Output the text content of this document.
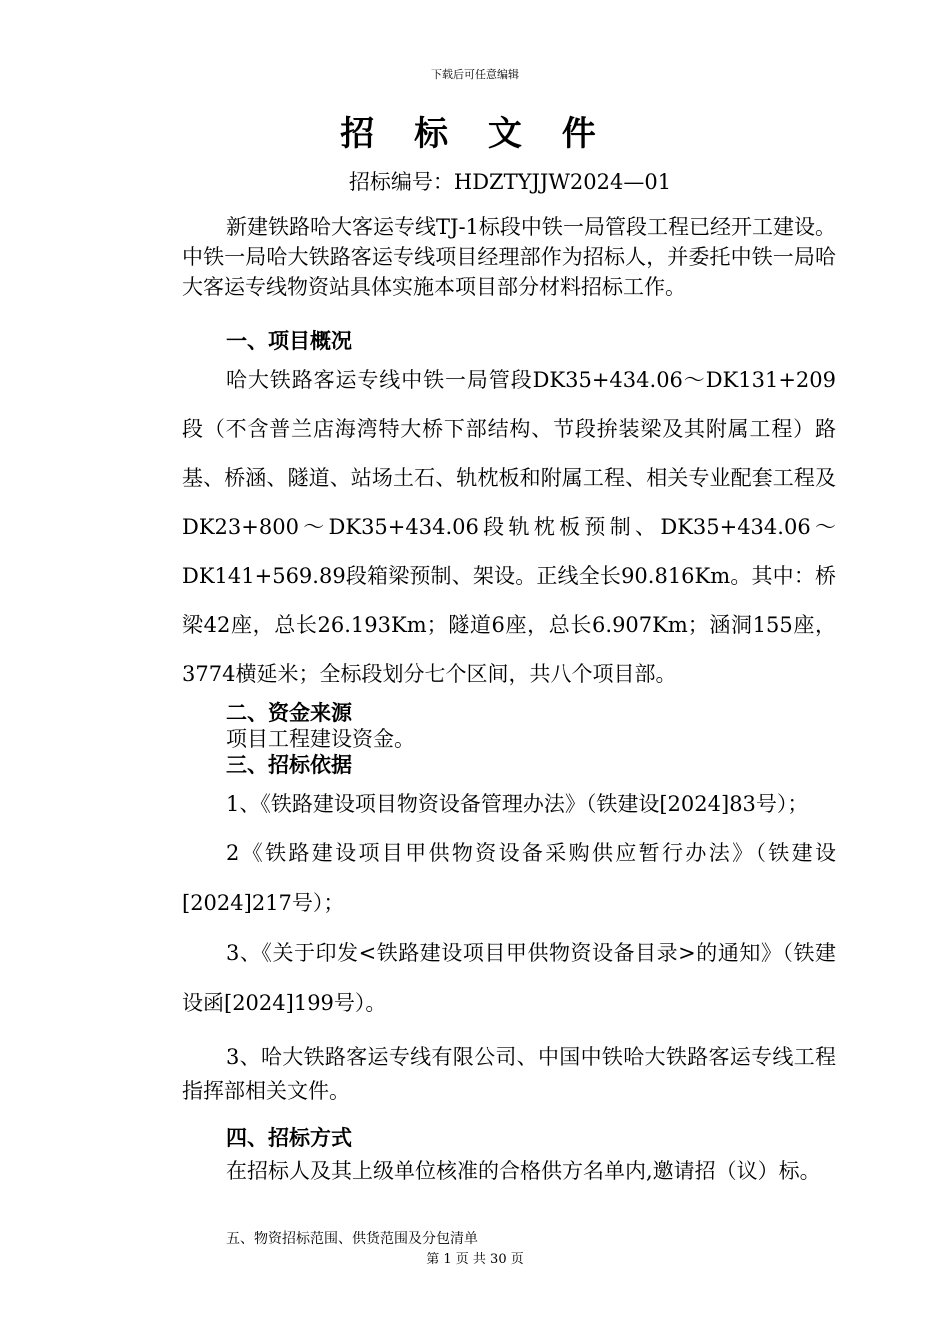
下载后可任意编辑
招 标 文 件
招标编号：HDZTYJJW2024—01

新建铁路哈大客运专线TJ-1标段中铁一局管段工程已经开工建设。中铁一局哈大铁路客运专线项目经理部作为招标人，并委托中铁一局哈大客运专线物资站具体实施本项目部分材料招标工作。

一、项目概况

哈大铁路客运专线中铁一局管段DK35+434.06～DK131+209段（不含普兰店海湾特大桥下部结构、节段拚装梁及其附属工程）路基、桥涵、隧道、站场土石、轨枕板和附属工程、相关专业配套工程及DK23+800～DK35+434.06段轨枕板预制、DK35+434.06～DK141+569.89段箱梁预制、架设。正线全长90.816Km。其中：桥梁42座，总长26.193Km；隧道6座，总长6.907Km；涵洞155座，3774横延米；全标段划分七个区间，共八个项目部。

二、资金来源

项目工程建设资金。

三、招标依据

1、《铁路建设项目物资设备管理办法》（铁建设[2024]83号）；

2《铁路建设项目甲供物资设备采购供应暂行办法》（铁建设[2024]217号）；

3、《关于印发<铁路建设项目甲供物资设备目录>的通知》（铁建设函[2024]199号）。

3、哈大铁路客运专线有限公司、中国中铁哈大铁路客运专线工程指挥部相关文件。

四、招标方式

在招标人及其上级单位核准的合格供方名单内,邀请招（议）标。

五、物资招标范围、供货范围及分包清单
第 1 页 共 30 页
